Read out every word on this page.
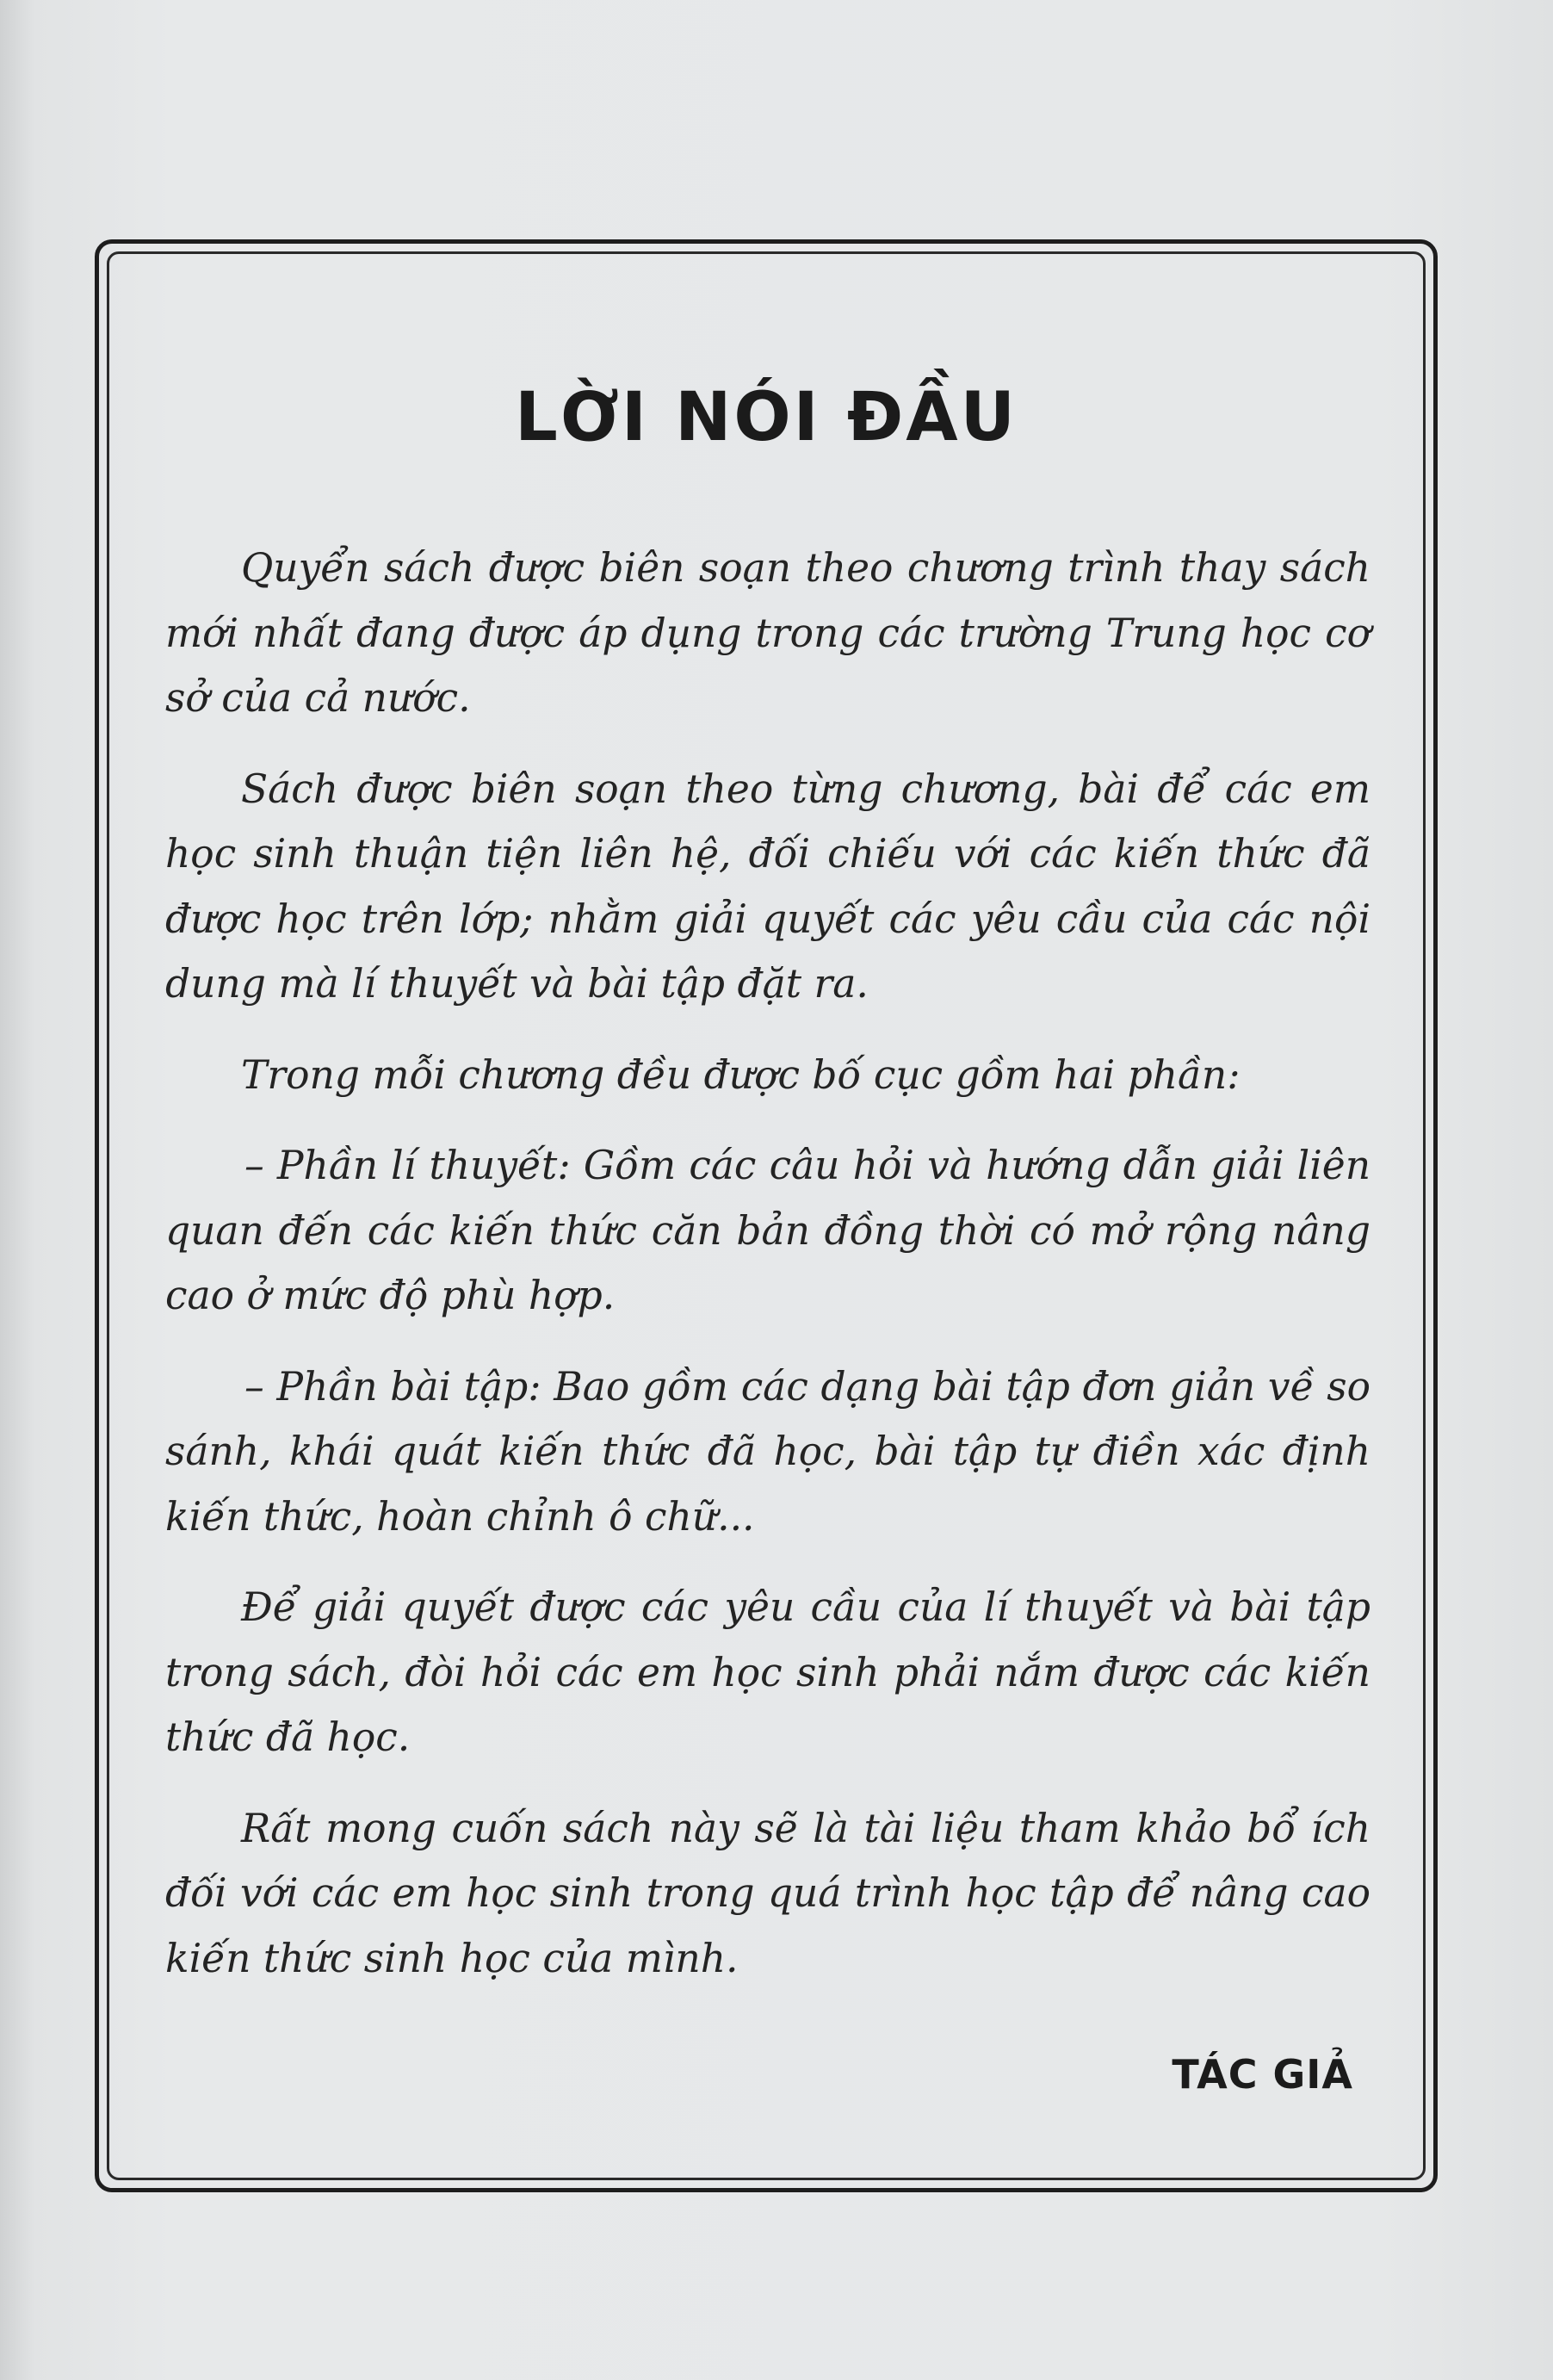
LỜI NÓI ĐẦU

Quyển sách được biên soạn theo chương trình thay sách mới nhất đang được áp dụng trong các trường Trung học cơ sở của cả nước.

Sách được biên soạn theo từng chương, bài để các em học sinh thuận tiện liên hệ, đối chiếu với các kiến thức đã được học trên lớp; nhằm giải quyết các yêu cầu của các nội dung mà lí thuyết và bài tập đặt ra.

Trong mỗi chương đều được bố cục gồm hai phần:

– Phần lí thuyết: Gồm các câu hỏi và hướng dẫn giải liên quan đến các kiến thức căn bản đồng thời có mở rộng nâng cao ở mức độ phù hợp.

– Phần bài tập: Bao gồm các dạng bài tập đơn giản về so sánh, khái quát kiến thức đã học, bài tập tự điền xác định kiến thức, hoàn chỉnh ô chữ...

Để giải quyết được các yêu cầu của lí thuyết và bài tập trong sách, đòi hỏi các em học sinh phải nắm được các kiến thức đã học.

Rất mong cuốn sách này sẽ là tài liệu tham khảo bổ ích đối với các em học sinh trong quá trình học tập để nâng cao kiến thức sinh học của mình.

TÁC GIẢ
